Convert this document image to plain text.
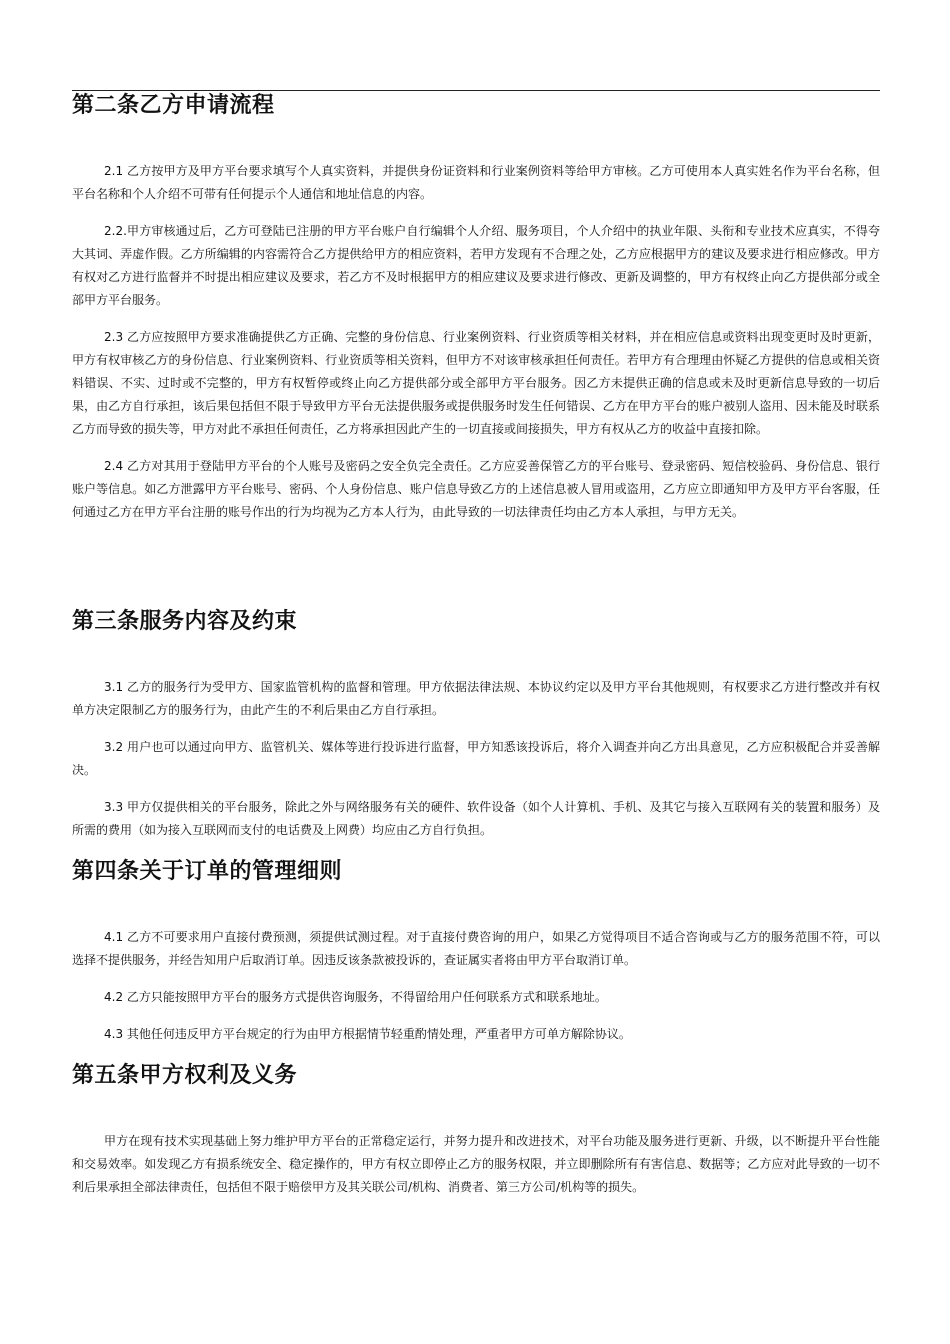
第二条乙方申请流程

2.1 乙方按甲方及甲方平台要求填写个人真实资料，并提供身份证资料和行业案例资料等给甲方审核。乙方可使用本人真实姓名作为平台名称，但平台名称和个人介绍不可带有任何提示个人通信和地址信息的内容。

2.2.甲方审核通过后，乙方可登陆已注册的甲方平台账户自行编辑个人介绍、服务项目，个人介绍中的执业年限、头衔和专业技术应真实，不得夸大其词、弄虚作假。乙方所编辑的内容需符合乙方提供给甲方的相应资料，若甲方发现有不合理之处，乙方应根据甲方的建议及要求进行相应修改。甲方有权对乙方进行监督并不时提出相应建议及要求，若乙方不及时根据甲方的相应建议及要求进行修改、更新及调整的，甲方有权终止向乙方提供部分或全部甲方平台服务。

2.3 乙方应按照甲方要求准确提供乙方正确、完整的身份信息、行业案例资料、行业资质等相关材料，并在相应信息或资料出现变更时及时更新，甲方有权审核乙方的身份信息、行业案例资料、行业资质等相关资料，但甲方不对该审核承担任何责任。若甲方有合理理由怀疑乙方提供的信息或相关资料错误、不实、过时或不完整的，甲方有权暂停或终止向乙方提供部分或全部甲方平台服务。因乙方未提供正确的信息或未及时更新信息导致的一切后果，由乙方自行承担，该后果包括但不限于导致甲方平台无法提供服务或提供服务时发生任何错误、乙方在甲方平台的账户被别人盗用、因未能及时联系乙方而导致的损失等，甲方对此不承担任何责任，乙方将承担因此产生的一切直接或间接损失，甲方有权从乙方的收益中直接扣除。

2.4 乙方对其用于登陆甲方平台的个人账号及密码之安全负完全责任。乙方应妥善保管乙方的平台账号、登录密码、短信校验码、身份信息、银行账户等信息。如乙方泄露甲方平台账号、密码、个人身份信息、账户信息导致乙方的上述信息被人冒用或盗用，乙方应立即通知甲方及甲方平台客服，任何通过乙方在甲方平台注册的账号作出的行为均视为乙方本人行为，由此导致的一切法律责任均由乙方本人承担，与甲方无关。

第三条服务内容及约束

3.1 乙方的服务行为受甲方、国家监管机构的监督和管理。甲方依据法律法规、本协议约定以及甲方平台其他规则，有权要求乙方进行整改并有权单方决定限制乙方的服务行为，由此产生的不利后果由乙方自行承担。

3.2 用户也可以通过向甲方、监管机关、媒体等进行投诉进行监督，甲方知悉该投诉后，将介入调查并向乙方出具意见，乙方应积极配合并妥善解决。

3.3 甲方仅提供相关的平台服务，除此之外与网络服务有关的硬件、软件设备（如个人计算机、手机、及其它与接入互联网有关的装置和服务）及所需的费用（如为接入互联网而支付的电话费及上网费）均应由乙方自行负担。

第四条关于订单的管理细则

4.1 乙方不可要求用户直接付费预测，须提供试测过程。对于直接付费咨询的用户，如果乙方觉得项目不适合咨询或与乙方的服务范围不符，可以选择不提供服务，并经告知用户后取消订单。因违反该条款被投诉的，查证属实者将由甲方平台取消订单。

4.2 乙方只能按照甲方平台的服务方式提供咨询服务，不得留给用户任何联系方式和联系地址。

4.3 其他任何违反甲方平台规定的行为由甲方根据情节轻重酌情处理，严重者甲方可单方解除协议。

第五条甲方权利及义务

甲方在现有技术实现基础上努力维护甲方平台的正常稳定运行，并努力提升和改进技术，对平台功能及服务进行更新、升级，以不断提升平台性能和交易效率。如发现乙方有损系统安全、稳定操作的，甲方有权立即停止乙方的服务权限，并立即删除所有有害信息、数据等；乙方应对此导致的一切不利后果承担全部法律责任，包括但不限于赔偿甲方及其关联公司/机构、消费者、第三方公司/机构等的损失。
